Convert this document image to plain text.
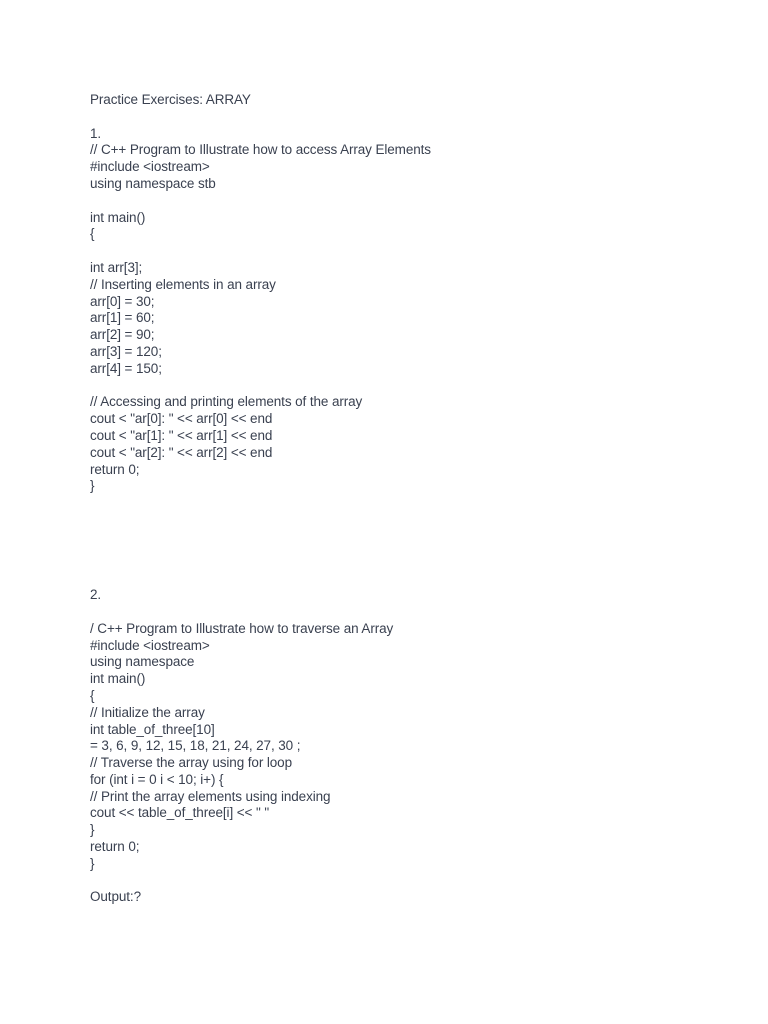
Practice Exercises: ARRAY
1.
// C++ Program to Illustrate how to access Array Elements
#include <iostream>
using namespace stb
int main()
{
int arr[3];
// Inserting elements in an array
arr[0] = 30;
arr[1] = 60;
arr[2] = 90;
arr[3] = 120;
arr[4] = 150;
// Accessing and printing elements of the array
cout < "ar[0]: " << arr[0] << end
cout < "ar[1]: " << arr[1] << end
cout < "ar[2]: " << arr[2] << end
return 0;
}
2.
/ C++ Program to Illustrate how to traverse an Array
#include <iostream>
using namespace
int main()
{
// Initialize the array
int table_of_three[10]
= 3, 6, 9, 12, 15, 18, 21, 24, 27, 30 ;
// Traverse the array using for loop
for (int i = 0 i < 10; i+) {
// Print the array elements using indexing
cout << table_of_three[i] << " "
}
return 0;
}
Output:?
